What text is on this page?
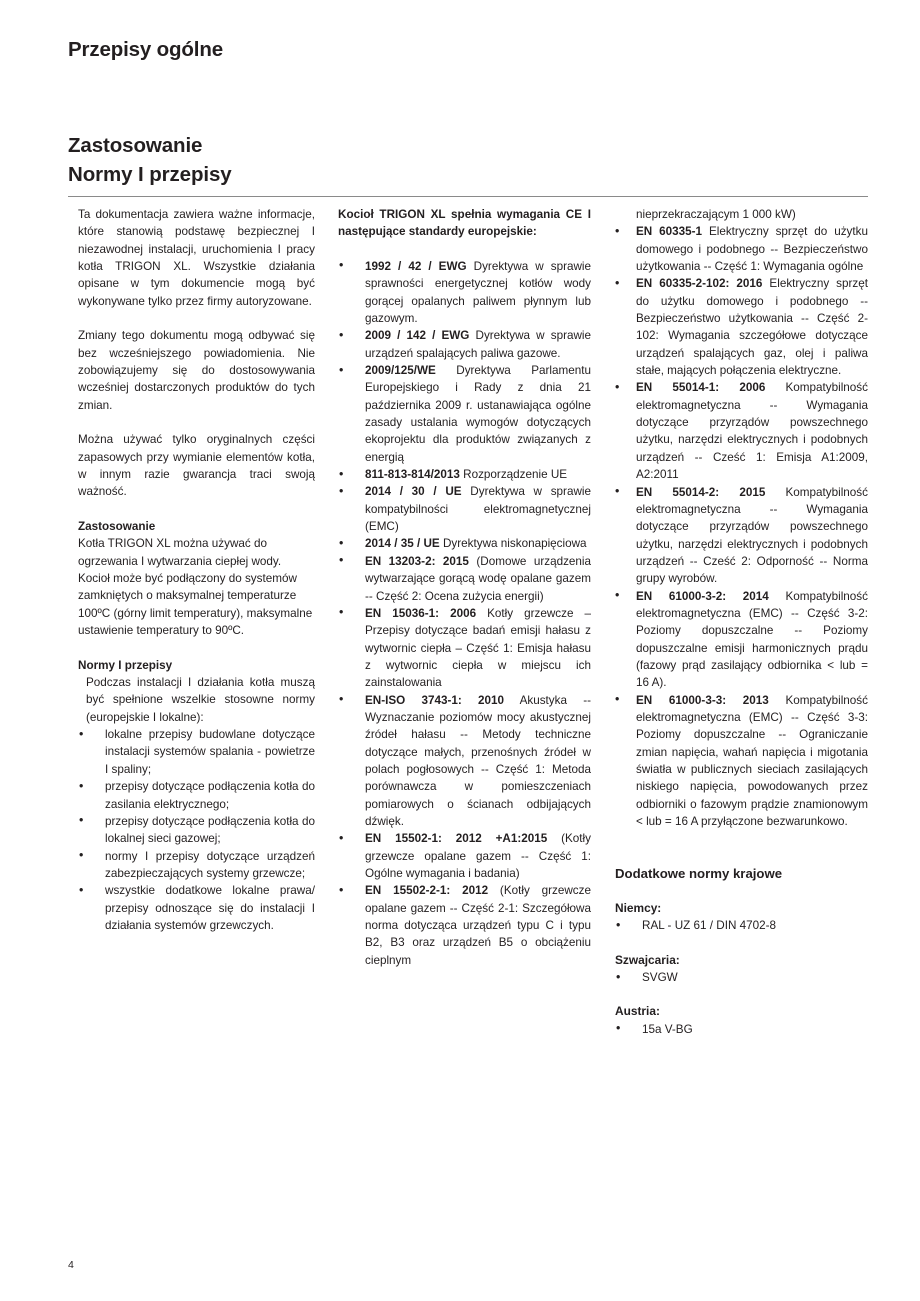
Przepisy ogólne
Zastosowanie
Normy I przepisy

Ta dokumentacja zawiera ważne informacje, które stanowią podstawę bezpiecznej I niezawodnej instalacji, uruchomienia I pracy kotła TRIGON XL. Wszystkie działania opisane w tym dokumencie mogą być wykonywane tylko przez firmy autoryzowane.

Zmiany tego dokumentu mogą odbywać się bez wcześniejszego powiadomienia. Nie zobowiązujemy się do dostosowywania wcześniej dostarczonych produktów do tych zmian.

Można używać tylko oryginalnych części zapasowych przy wymianie elementów kotła, w innym razie gwarancja traci swoją ważność.

Zastosowanie

Kotła TRIGON XL można używać do ogrzewania I wytwarzania ciepłej wody. Kocioł może być podłączony do systemów zamkniętych o maksymalnej temperaturze 100ºC (górny limit temperatury), maksymalne ustawienie temperatury to 90ºC.

Normy I przepisy

Podczas instalacji I działania kotła muszą być spełnione wszelkie stosowne normy (europejskie I lokalne):

• lokalne przepisy budowlane dotyczące instalacji systemów spalania - powietrze I spaliny;
• przepisy dotyczące podłączenia kotła do zasilania elektrycznego;
• przepisy dotyczące podłączenia kotła do lokalnej sieci gazowej;
• normy I przepisy dotyczące urządzeń zabezpieczających systemy grzewcze;
• wszystkie dodatkowe lokalne prawa/ przepisy odnoszące się do instalacji I działania systemów grzewczych.

Kocioł TRIGON XL spełnia wymagania CE I następujące standardy europejskie:

• 1992 / 42 / EWG Dyrektywa w sprawie sprawności energetycznej kotłów wody gorącej opalanych paliwem płynnym lub gazowym.
• 2009 / 142 / EWG Dyrektywa w sprawie urządzeń spalających paliwa gazowe.
• 2009/125/WE Dyrektywa Parlamentu Europejskiego i Rady z dnia 21 października 2009 r. ustanawiająca ogólne zasady ustalania wymogów dotyczących ekoprojektu dla produktów związanych z energią
• 811-813-814/2013 Rozporządzenie UE
• 2014 / 30 / UE Dyrektywa w sprawie kompatybilności elektromagnetycznej (EMC)
• 2014 / 35 / UE Dyrektywa niskonapięciowa
• EN 13203-2: 2015 (Domowe urządzenia wytwarzające gorącą wodę opalane gazem -- Część 2: Ocena zużycia energii)
• EN 15036-1: 2006 Kotły grzewcze – Przepisy dotyczące badań emisji hałasu z wytwornic ciepła – Część 1: Emisja hałasu z wytwornic ciepła w miejscu ich zainstalowania
• EN-ISO 3743-1: 2010 Akustyka -- Wyznaczanie poziomów mocy akustycznej źródeł hałasu -- Metody techniczne dotyczące małych, przenośnych źródeł w polach pogłosowych -- Część 1: Metoda porównawcza w pomieszczeniach pomiarowych o ścianach odbijających dźwięk.
• EN 15502-1: 2012 +A1:2015 (Kotły grzewcze opalane gazem -- Część 1: Ogólne wymagania i badania)
• EN 15502-2-1: 2012 (Kotły grzewcze opalane gazem -- Część 2-1: Szczegółowa norma dotycząca urządzeń typu C i typu B2, B3 oraz urządzeń B5 o obciążeniu cieplnym

nieprzekraczającym 1 000 kW)

• EN 60335-1 Elektryczny sprzęt do użytku domowego i podobnego -- Bezpieczeństwo użytkowania -- Część 1: Wymagania ogólne
• EN 60335-2-102: 2016 Elektryczny sprzęt do użytku domowego i podobnego -- Bezpieczeństwo użytkowania -- Część 2-102: Wymagania szczegółowe dotyczące urządzeń spalających gaz, olej i paliwa stałe, mających połączenia elektryczne.
• EN 55014-1: 2006 Kompatybilność elektromagnetyczna -- Wymagania dotyczące przyrządów powszechnego użytku, narzędzi elektrycznych i podobnych urządzeń -- Cześć 1: Emisja A1:2009, A2:2011
• EN 55014-2: 2015 Kompatybilność elektromagnetyczna -- Wymagania dotyczące przyrządów powszechnego użytku, narzędzi elektrycznych i podobnych urządzeń -- Cześć 2: Odporność -- Norma grupy wyrobów.
• EN 61000-3-2: 2014 Kompatybilność elektromagnetyczna (EMC) -- Część 3-2: Poziomy dopuszczalne -- Poziomy dopuszczalne emisji harmonicznych prądu (fazowy prąd zasilający odbiornika < lub = 16 A).
• EN 61000-3-3: 2013 Kompatybilność elektromagnetyczna (EMC) -- Część 3-3: Poziomy dopuszczalne -- Ograniczanie zmian napięcia, wahań napięcia i migotania światła w publicznych sieciach zasilających niskiego napięcia, powodowanych przez odbiorniki o fazowym prądzie znamionowym < lub = 16 A przyłączone bezwarunkowo.
Dodatkowe normy krajowe
Niemcy:
• RAL - UZ 61 / DIN 4702-8
Szwajcaria:
• SVGW
Austria:
• 15a V-BG
4
